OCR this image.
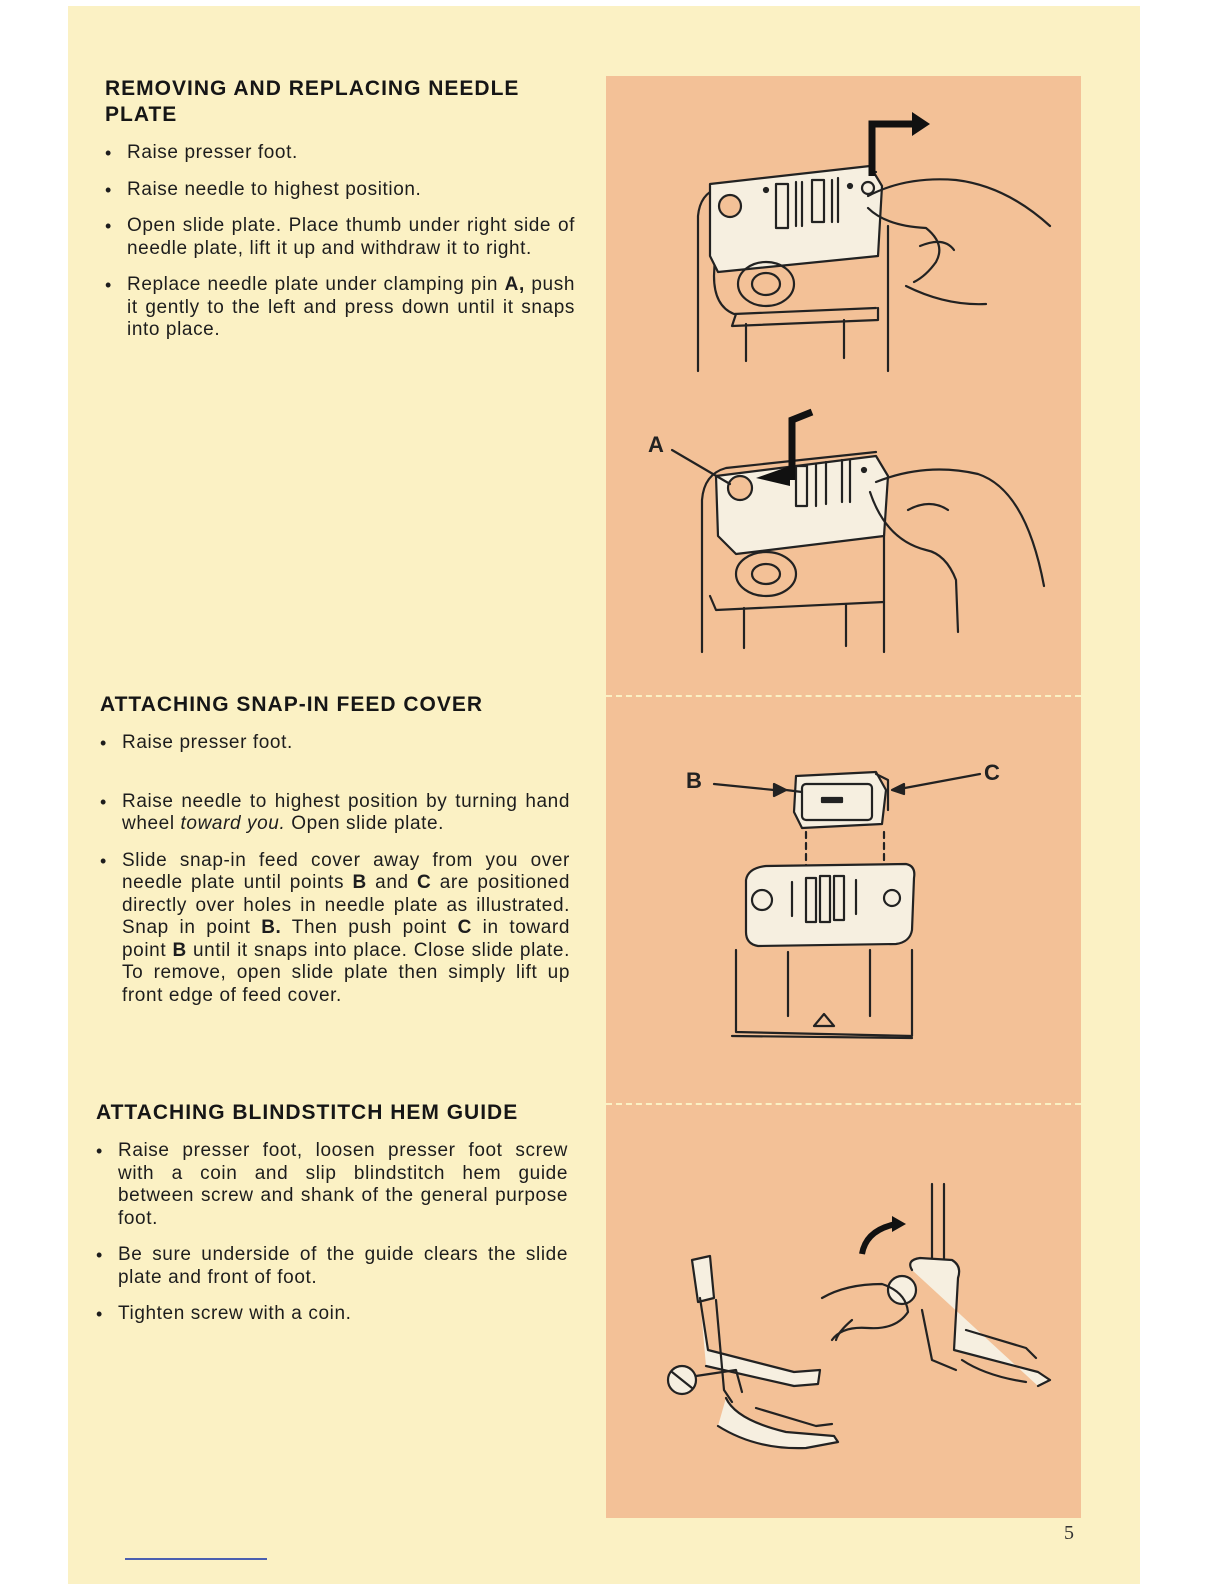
REMOVING AND REPLACING NEEDLE PLATE
• Raise presser foot.
• Raise needle to highest position.
• Open slide plate. Place thumb under right side of needle plate, lift it up and withdraw it to right.
• Replace needle plate under clamping pin A, push it gently to the left and press down until it snaps into place.
ATTACHING SNAP-IN FEED COVER
• Raise presser foot.
• Raise needle to highest position by turning hand wheel toward you. Open slide plate.
• Slide snap-in feed cover away from you over needle plate until points B and C are positioned directly over holes in needle plate as illustrated. Snap in point B. Then push point C in toward point B until it snaps into place. Close slide plate. To remove, open slide plate then simply lift up front edge of feed cover.
ATTACHING BLINDSTITCH HEM GUIDE
• Raise presser foot, loosen presser foot screw with a coin and slip blindstitch hem guide between screw and shank of the general purpose foot.
• Be sure underside of the guide clears the slide plate and front of foot.
• Tighten screw with a coin.
A
B	C
5
